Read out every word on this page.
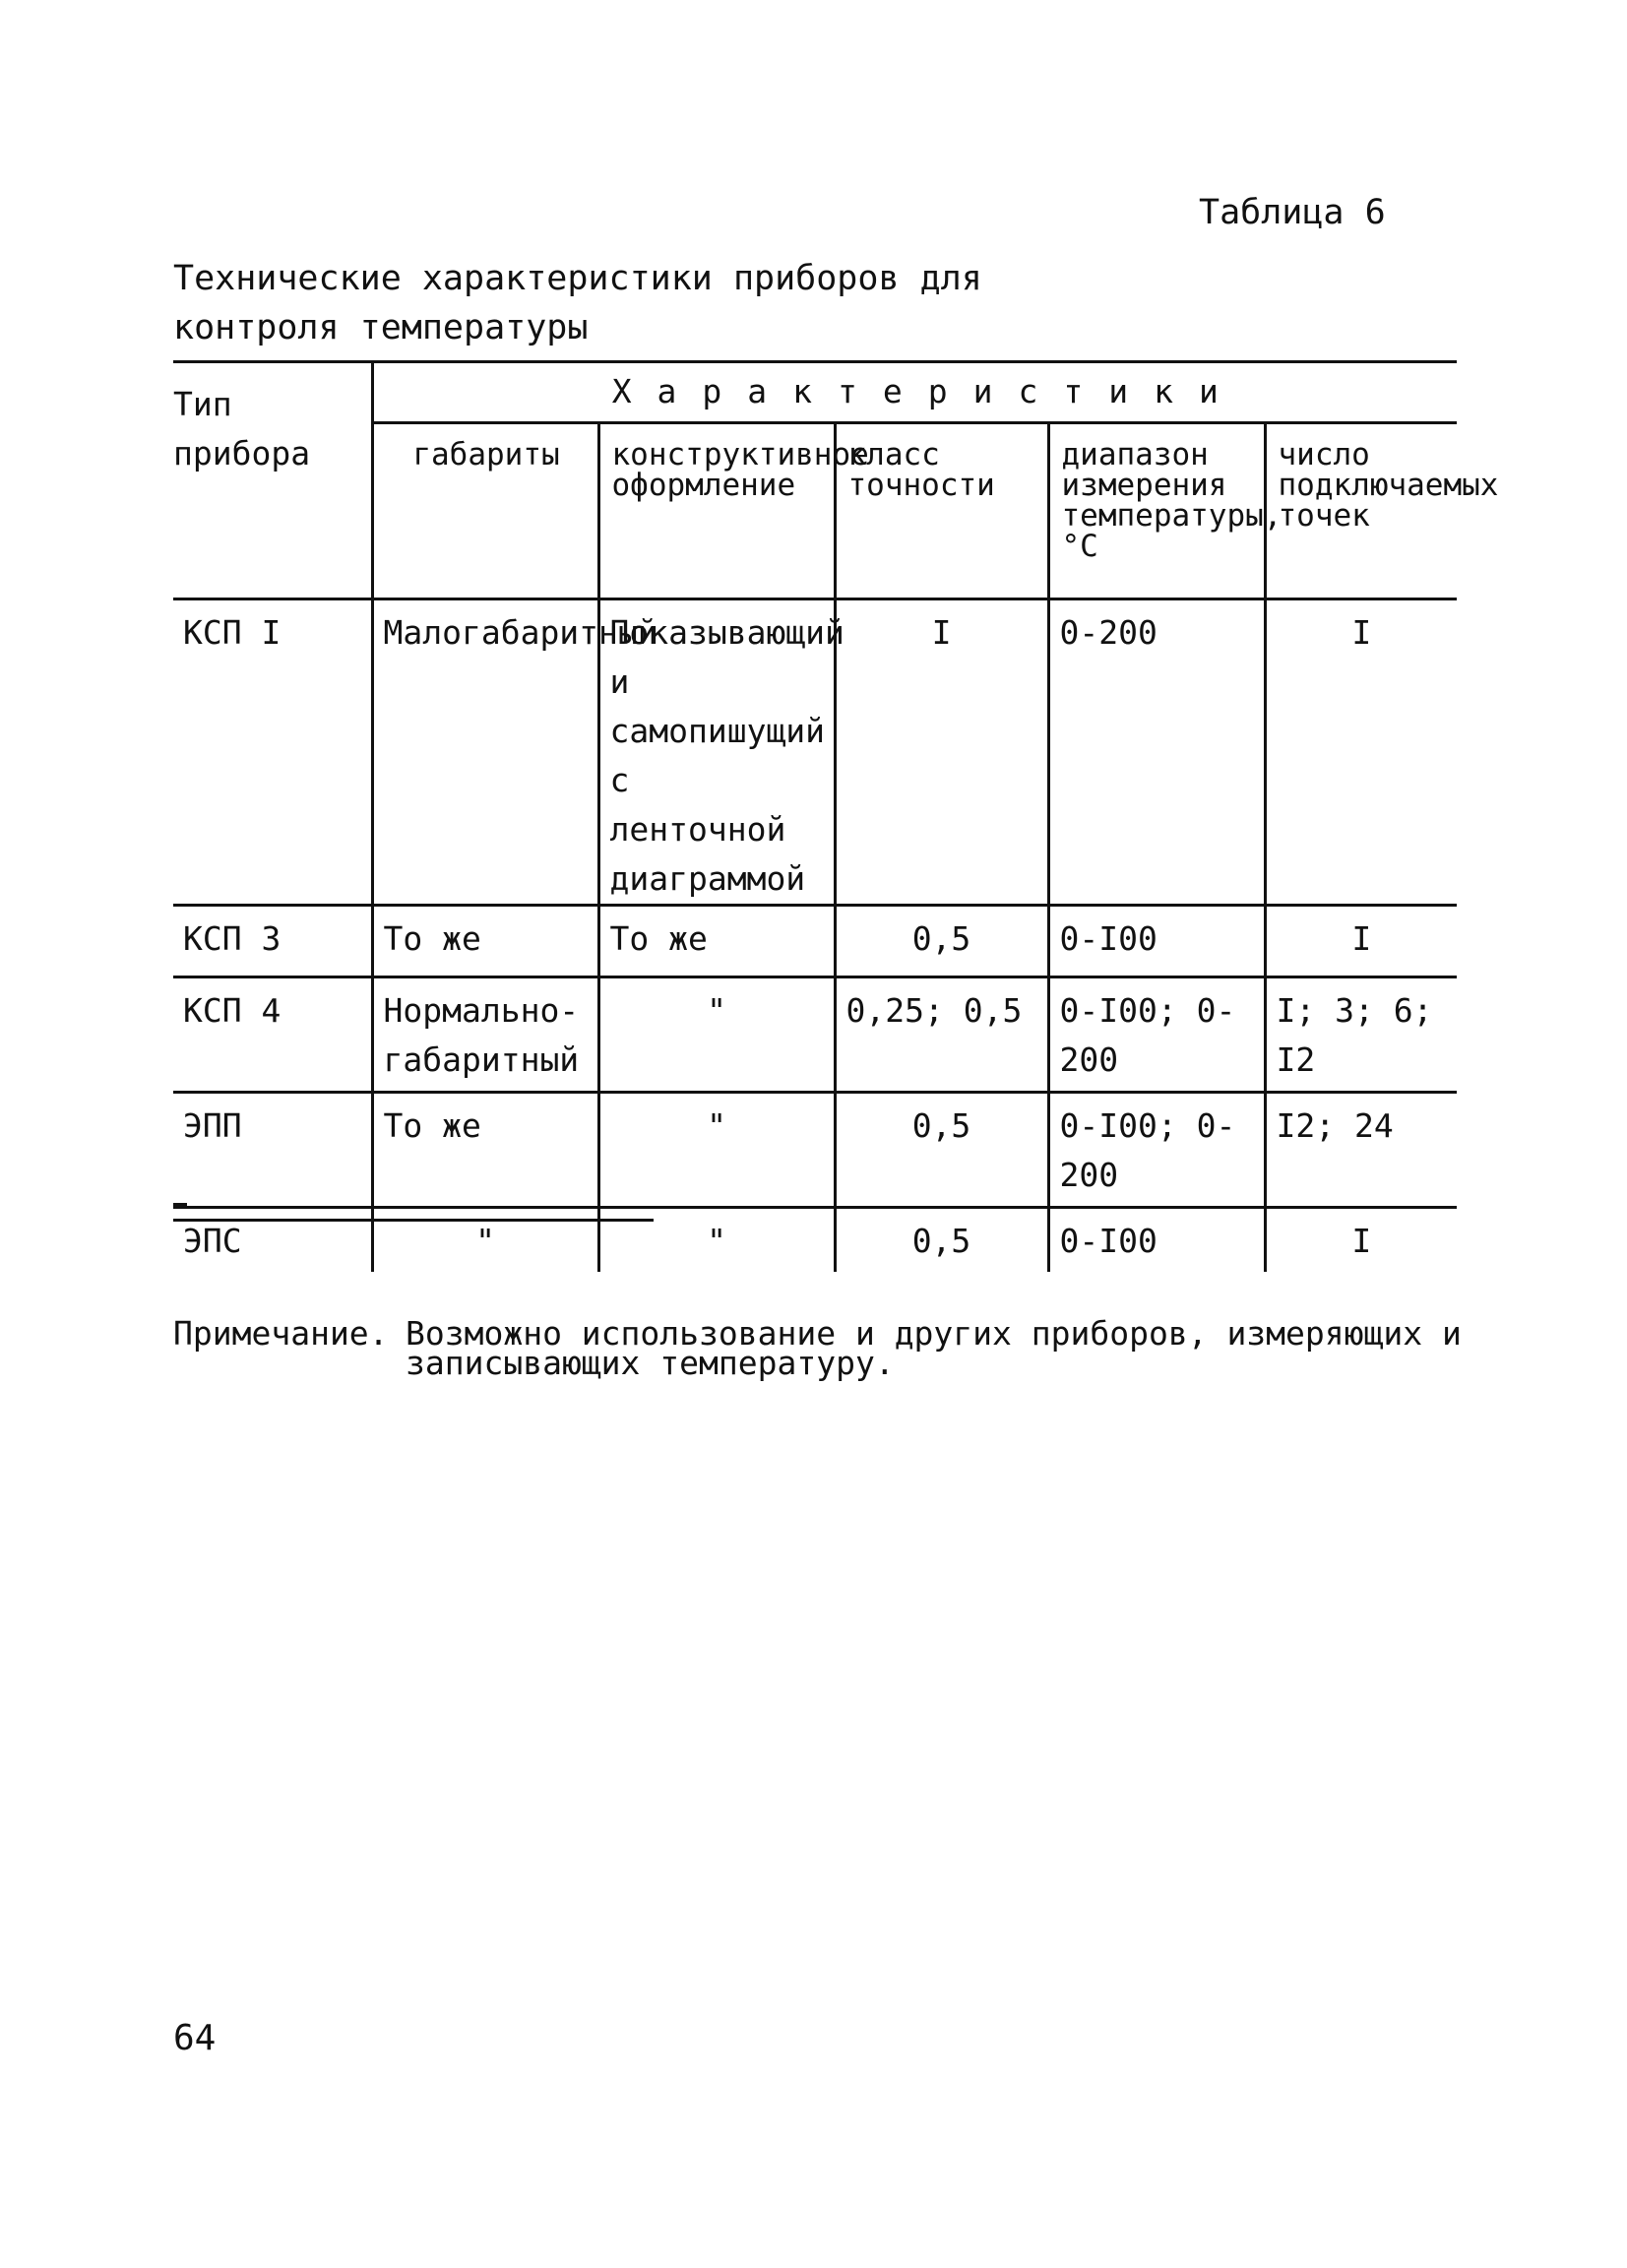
Таблица 6
Технические характеристики приборов для контроля температуры
Тип прибора	Характеристики				
	габариты	конструктивное оформление	класс точности	диапазон измерения температуры, °С	число подключаемых точек
КСП I	Малогабаритный	Показывающий и самопишущий с ленточной диаграммой	I	0-200	I
КСП 3	То же	То же	0,5	0-I00	I
КСП 4	Нормально-габаритный	"	0,25; 0,5	0-I00; 0-200	I; 3; 6; I2
ЭПП	То же	"	0,5	0-I00; 0-200	I2; 24
ЭПС	"	"	0,5	0-I00	I
Примечание. Возможно использование и других приборов, измеряющих и записывающих температуру.
64
